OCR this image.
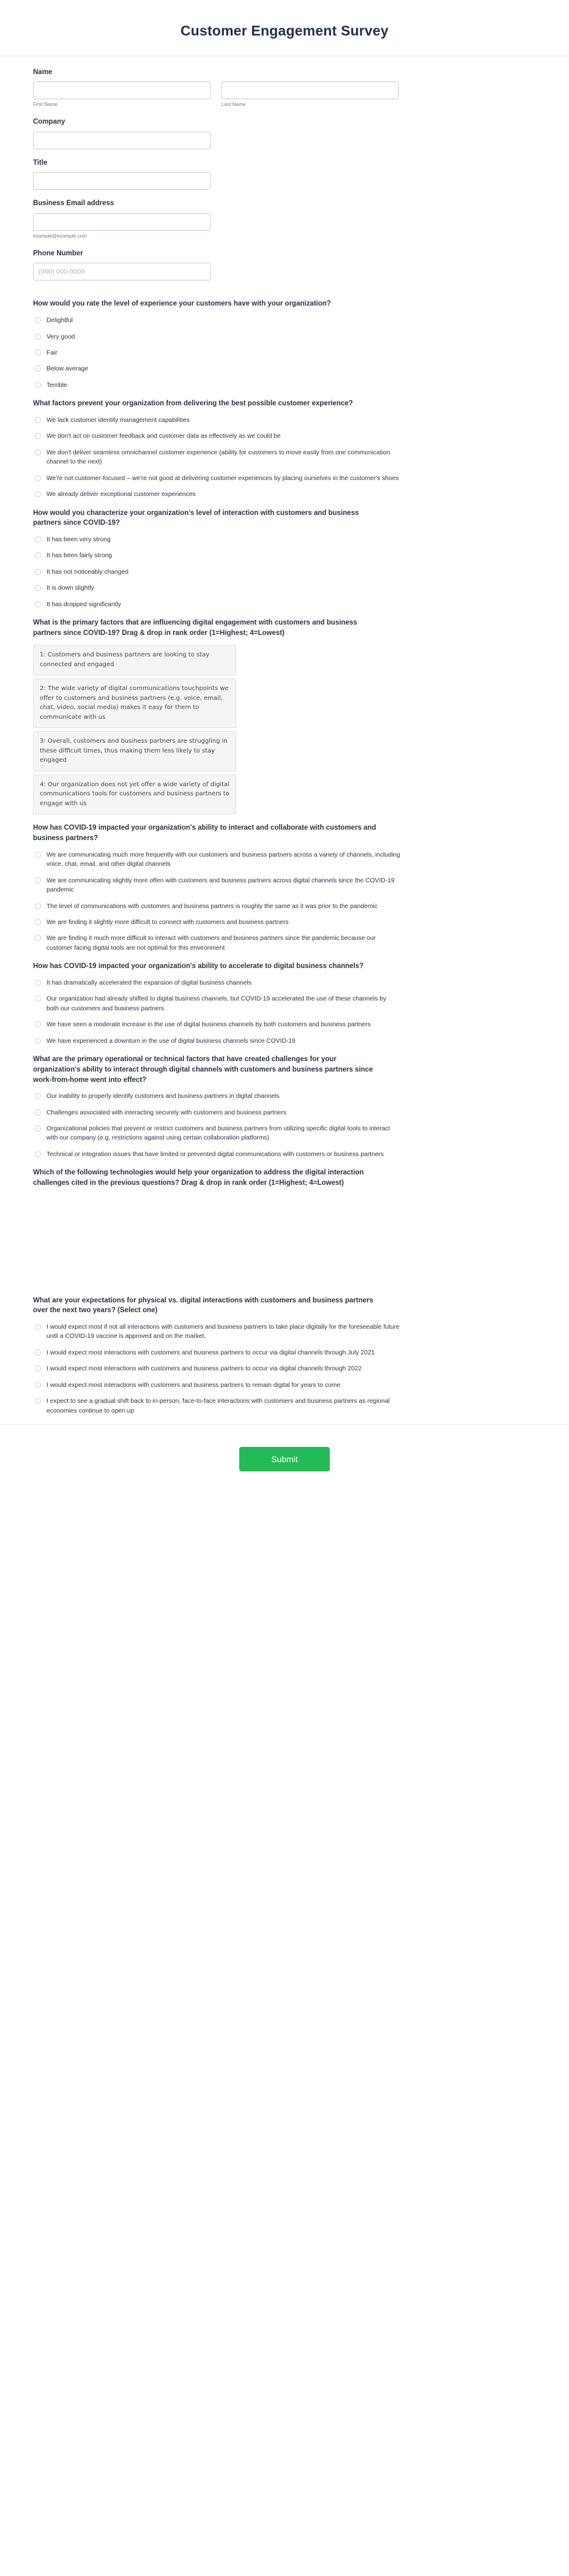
Customer Engagement Survey
Name
First Name	Last Name
Company
Title
Business Email address
example@example.com
Phone Number
(000) 000-0000
How would you rate the level of experience your customers have with your organization?
Delightful
Very good
Fair
Below average
Terrible
What factors prevent your organization from delivering the best possible customer experience?
We lack customer identity management capabilities
We don't act on customer feedback and customer data as effectively as we could be
We don't deliver seamless omnichannel customer experience (ability for customers to move easily from one communication channel to the next)
We're not customer-focused – we're not good at delivering customer experiences by placing ourselves in the customer's shoes
We already deliver exceptional customer experiences
How would you characterize your organization's level of interaction with customers and business partners since COVID-19?
It has been very strong
It has been fairly strong
It has not noticeably changed
It is down slightly
It has dropped significantly
What is the primary factors that are influencing digital engagement with customers and business partners since COVID-19? Drag & drop in rank order (1=Highest; 4=Lowest)
1: Customers and business partners are looking to stay connected and engaged
2: The wide variety of digital communications touchpoints we offer to customers and business partners (e.g. voice, email, chat, video, social media) makes it easy for them to communicate with us
3: Overall, customers and business partners are struggling in these difficult times, thus making them less likely to stay engaged
4: Our organization does not yet offer a wide variety of digital communications tools for customers and business partners to engage with us
How has COVID-19 impacted your organization's ability to interact and collaborate with customers and business partners?
We are communicating much more frequently with our customers and business partners across a variety of channels, including voice, chat, email, and other digital channels
We are communicating slightly more often with customers and business partners across digital channels since the COVID-19 pandemic
The level of communications with customers and business partners is roughly the same as it was prior to the pandemic
We are finding it slightly more difficult to connect with customers and business partners
We are finding it much more difficult to interact with customers and business partners since the pandemic because our customer facing digital tools are not optimal for this environment
How has COVID-19 impacted your organization's ability to accelerate to digital business channels?
It has dramatically accelerated the expansion of digital business channels
Our organization had already shifted to digital business channels, but COVID-19 accelerated the use of these channels by both our customers and business partners
We have seen a moderate increase in the use of digital business channels by both customers and business partners
We have experienced a downturn in the use of digital business channels since COVID-19
What are the primary operational or technical factors that have created challenges for your organization's ability to interact through digital channels with customers and business partners since work-from-home went into effect?
Our inability to properly identify customers and business partners in digital channels
Challenges associated with interacting securely with customers and business partners
Organizational policies that prevent or restrict customers and business partners from utilizing specific digital tools to interact with our company (e.g. restrictions against using certain collaboration platforms)
Technical or integration issues that have limited or prevented digital communications with customers or business partners
Which of the following technologies would help your organization to address the digital interaction challenges cited in the previous questions? Drag & drop in rank order (1=Highest; 4=Lowest)
What are your expectations for physical vs. digital interactions with customers and business partners over the next two years? (Select one)
I would expect most if not all interactions with customers and business partners to take place digitally for the foreseeable future until a COVID-19 vaccine is approved and on the market,
I would expect most interactions with customers and business partners to occur via digital channels through July 2021
I would expect most interactions with customers and business partners to occur via digital channels through 2022
I would expect most interactions with customers and business partners to remain digital for years to come
I expect to see a gradual shift back to in-person, face-to-face interactions with customers and business partners as regional economies continue to open up
Submit
